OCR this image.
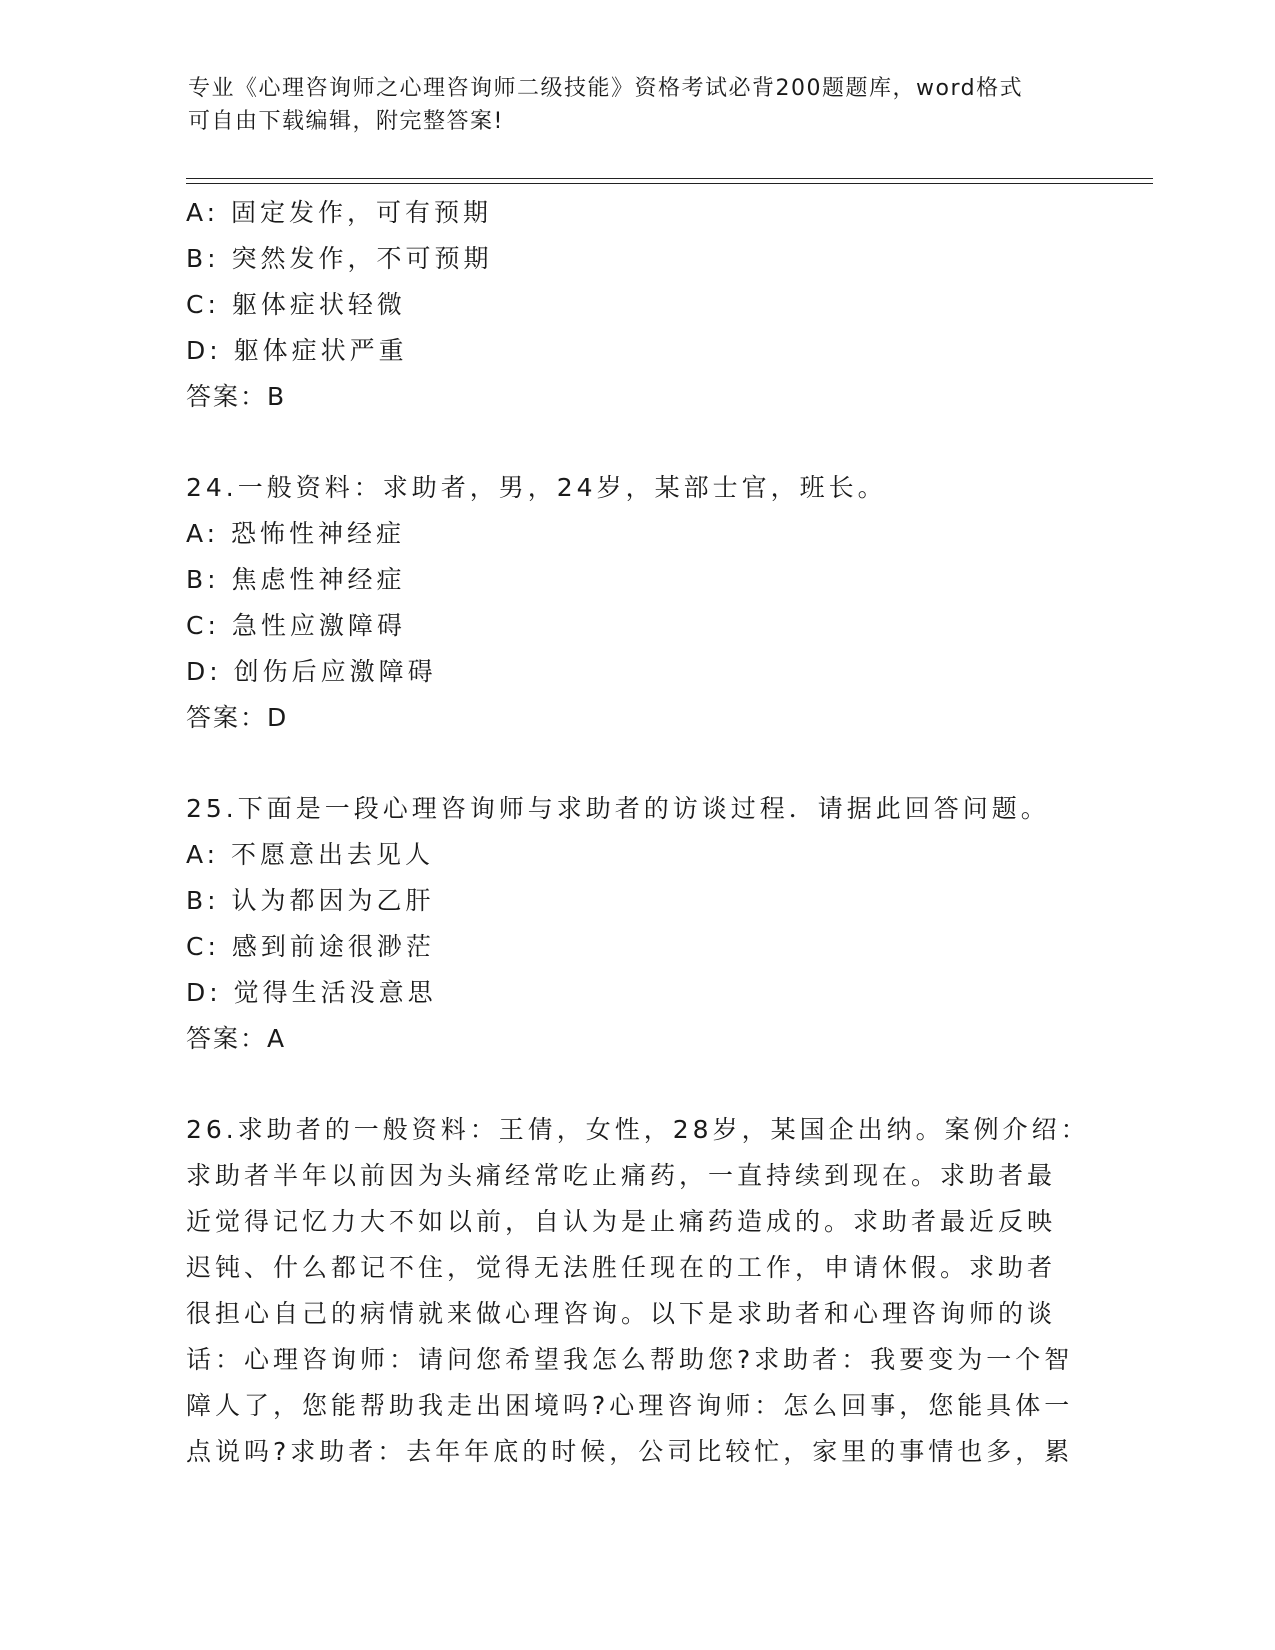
专业《心理咨询师之心理咨询师二级技能》资格考试必背200题题库，word格式
可自由下载编辑，附完整答案!
A: 固定发作，可有预期
B: 突然发作，不可预期
C: 躯体症状轻微
D: 躯体症状严重
答案：B
24.一般资料：求助者，男，24岁，某部士官，班长。
A: 恐怖性神经症
B: 焦虑性神经症
C: 急性应激障碍
D: 创伤后应激障碍
答案：D
25.下面是一段心理咨询师与求助者的访谈过程．请据此回答问题。
A: 不愿意出去见人
B: 认为都因为乙肝
C: 感到前途很渺茫
D: 觉得生活没意思
答案：A
26.求助者的一般资料：王倩，女性，28岁，某国企出纳。案例介绍：
求助者半年以前因为头痛经常吃止痛药，一直持续到现在。求助者最
近觉得记忆力大不如以前，自认为是止痛药造成的。求助者最近反映
迟钝、什么都记不住，觉得无法胜任现在的工作，申请休假。求助者
很担心自己的病情就来做心理咨询。以下是求助者和心理咨询师的谈
话：心理咨询师：请问您希望我怎么帮助您?求助者：我要变为一个智
障人了，您能帮助我走出困境吗?心理咨询师：怎么回事，您能具体一
点说吗?求助者：去年年底的时候，公司比较忙，家里的事情也多，累
